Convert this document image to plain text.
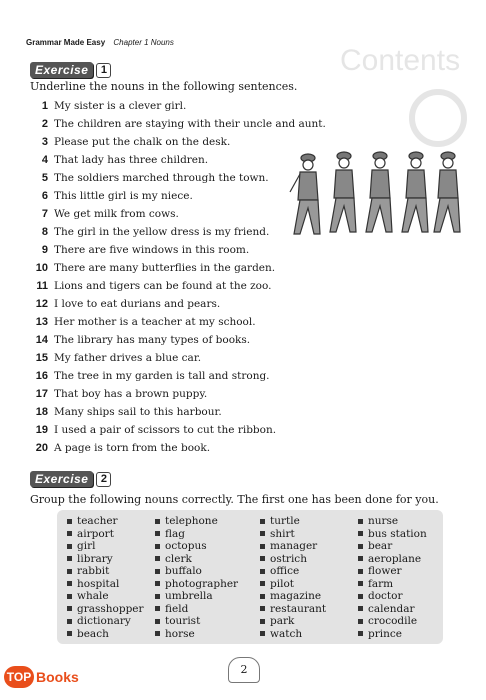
Grammar Made Easy Chapter 1 Nouns
Contents
Exercise	1
Underline the nouns in the following sentences.
1 My sister is a clever girl.
2 The children are staying with their uncle and aunt.
3 Please put the chalk on the desk.
4 That lady has three children.
5 The soldiers marched through the town.
6 This little girl is my niece.
7 We get milk from cows.
8 The girl in the yellow dress is my friend.
9 There are five windows in this room.
10 There are many butterflies in the garden.
11 Lions and tigers can be found at the zoo.
12 I love to eat durians and pears.
13 Her mother is a teacher at my school.
14 The library has many types of books.
15 My father drives a blue car.
16 The tree in my garden is tall and strong.
17 That boy has a brown puppy.
18 Many ships sail to this harbour.
19 I used a pair of scissors to cut the ribbon.
20 A page is torn from the book.
Exercise	2
Group the following nouns correctly. The first one has been done for you.
teacher
airport
girl
library
rabbit
hospital
whale
grasshopper
dictionary
beach
telephone
flag
octopus
clerk
buffalo
photographer
umbrella
field
tourist
horse
turtle
shirt
manager
ostrich
office
pilot
magazine
restaurant
park
watch
nurse
bus station
bear
aeroplane
flower
farm
doctor
calendar
crocodile
prince
2
TOP Books
